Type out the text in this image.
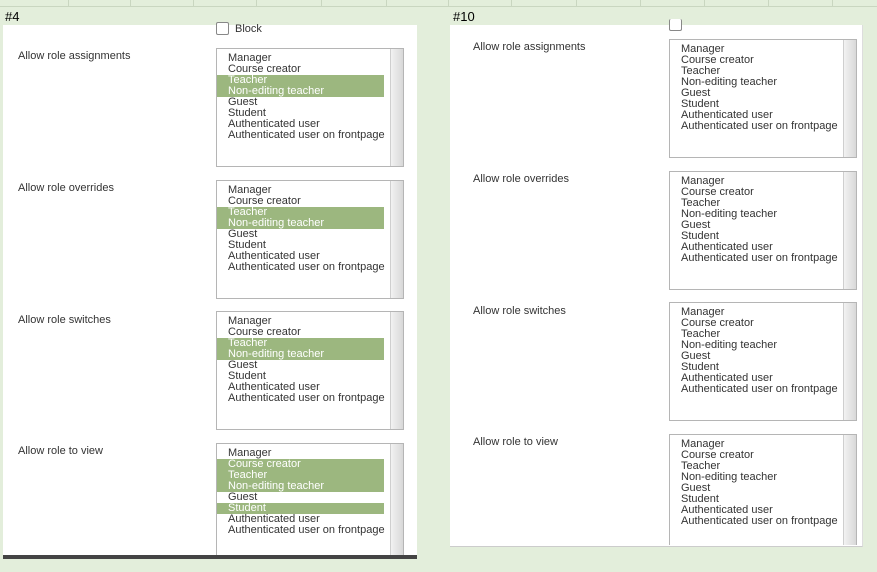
#4	#10
Block
Allow role assignments	Manager
Course creator
Teacher
Non-editing teacher
Guest
Student
Authenticated user
Authenticated user on frontpage
Allow role overrides	Manager
Course creator
Teacher
Non-editing teacher
Guest
Student
Authenticated user
Authenticated user on frontpage
Allow role switches	Manager
Course creator
Teacher
Non-editing teacher
Guest
Student
Authenticated user
Authenticated user on frontpage
Allow role to view	Manager
Course creator
Teacher
Non-editing teacher
Guest
Student
Authenticated user
Authenticated user on frontpage
Allow role assignments	Manager
Course creator
Teacher
Non-editing teacher
Guest
Student
Authenticated user
Authenticated user on frontpage
Allow role overrides	Manager
Course creator
Teacher
Non-editing teacher
Guest
Student
Authenticated user
Authenticated user on frontpage
Allow role switches	Manager
Course creator
Teacher
Non-editing teacher
Guest
Student
Authenticated user
Authenticated user on frontpage
Allow role to view	Manager
Course creator
Teacher
Non-editing teacher
Guest
Student
Authenticated user
Authenticated user on frontpage
